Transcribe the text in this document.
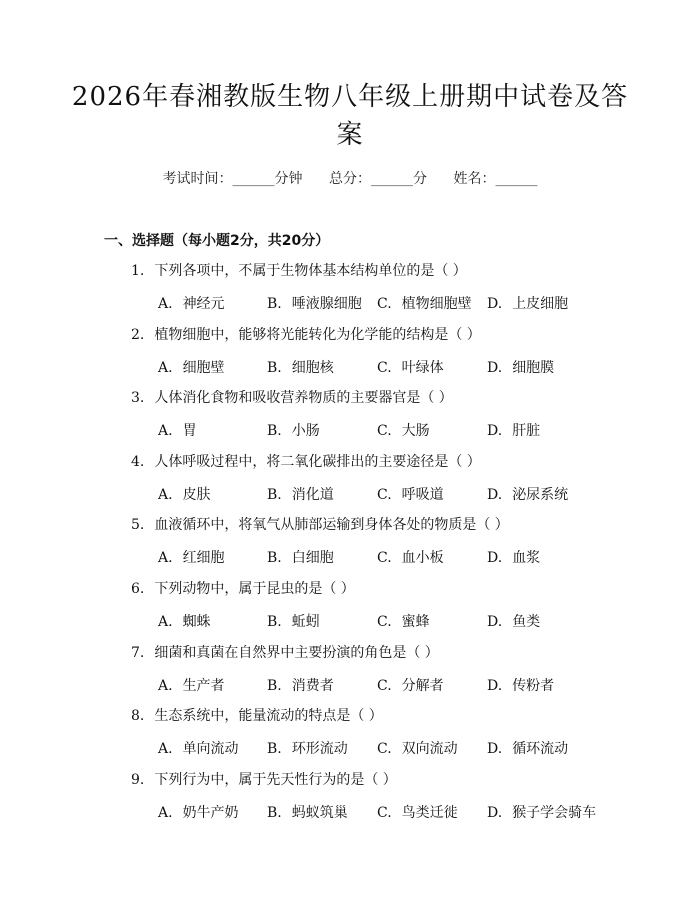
2026年春湘教版生物八年级上册期中试卷及答案
考试时间：______分钟 总分：______分 姓名：______
一、选择题（每小题2分，共20分）
1. 下列各项中，不属于生物体基本结构单位的是（ ）
A. 神经元	B. 唾液腺细胞 C. 植物细胞壁 D. 上皮细胞
2. 植物细胞中，能够将光能转化为化学能的结构是（ ）
A. 细胞壁	B. 细胞核	C. 叶绿体	D. 细胞膜
3. 人体消化食物和吸收营养物质的主要器官是（ ）
A. 胃	B. 小肠	C. 大肠	D. 肝脏
4. 人体呼吸过程中，将二氧化碳排出的主要途径是（ ）
A. 皮肤	B. 消化道	C. 呼吸道	D. 泌尿系统
5. 血液循环中，将氧气从肺部运输到身体各处的物质是（ ）
A. 红细胞	B. 白细胞	C. 血小板	D. 血浆
6. 下列动物中，属于昆虫的是（ ）
A. 蜘蛛	B. 蚯蚓	C. 蜜蜂	D. 鱼类
7. 细菌和真菌在自然界中主要扮演的角色是（ ）
A. 生产者	B. 消费者	C. 分解者	D. 传粉者
8. 生态系统中，能量流动的特点是（ ）
A. 单向流动 B. 环形流动 C. 双向流动 D. 循环流动
9. 下列行为中，属于先天性行为的是（ ）
A. 奶牛产奶 B. 蚂蚁筑巢 C. 鸟类迁徙 D. 猴子学会骑车
